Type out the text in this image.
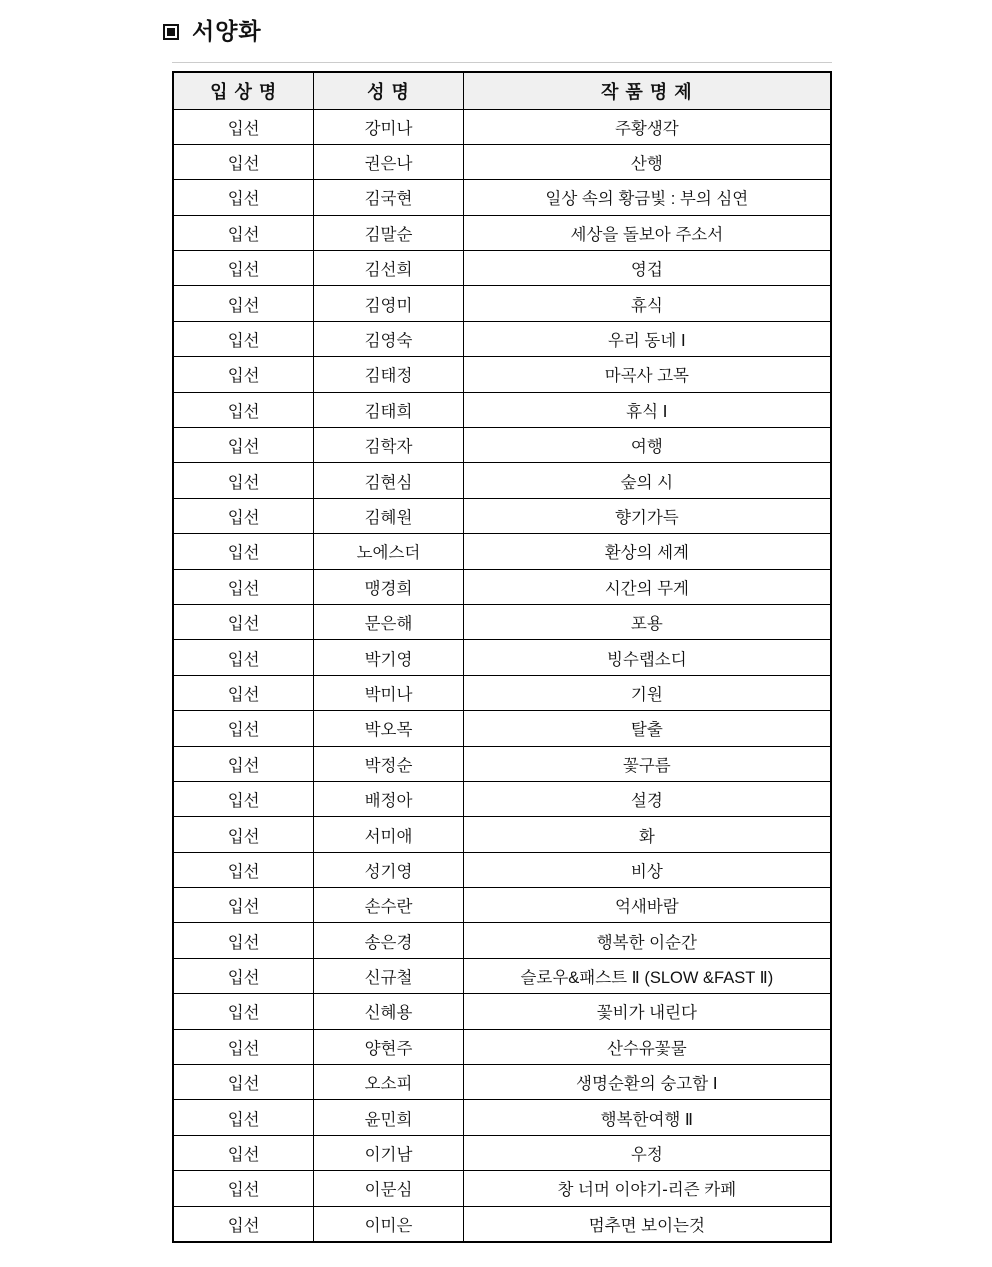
서양화
입 상 명	성 명	작 품 명 제
입선	강미나	주황생각
입선	권은나	산행
입선	김국현	일상 속의 황금빛 : 부의 심연
입선	김말순	세상을 돌보아 주소서
입선	김선희	영겁
입선	김영미	휴식
입선	김영숙	우리 동네 Ⅰ
입선	김태정	마곡사 고목
입선	김태희	휴식 Ⅰ
입선	김학자	여행
입선	김현심	숲의 시
입선	김혜원	향기가득
입선	노에스더	환상의 세계
입선	맹경희	시간의 무게
입선	문은해	포용
입선	박기영	빙수랩소디
입선	박미나	기원
입선	박오목	탈출
입선	박정순	꽃구름
입선	배정아	설경
입선	서미애	화
입선	성기영	비상
입선	손수란	억새바람
입선	송은경	행복한 이순간
입선	신규철	슬로우&패스트 Ⅱ (SLOW &FAST Ⅱ)
입선	신혜용	꽃비가 내린다
입선	양현주	산수유꽃물
입선	오소피	생명순환의 숭고함 Ⅰ
입선	윤민희	행복한여행 Ⅱ
입선	이기남	우정
입선	이문심	창 너머 이야기-리즌 카페
입선	이미은	멈추면 보이는것
